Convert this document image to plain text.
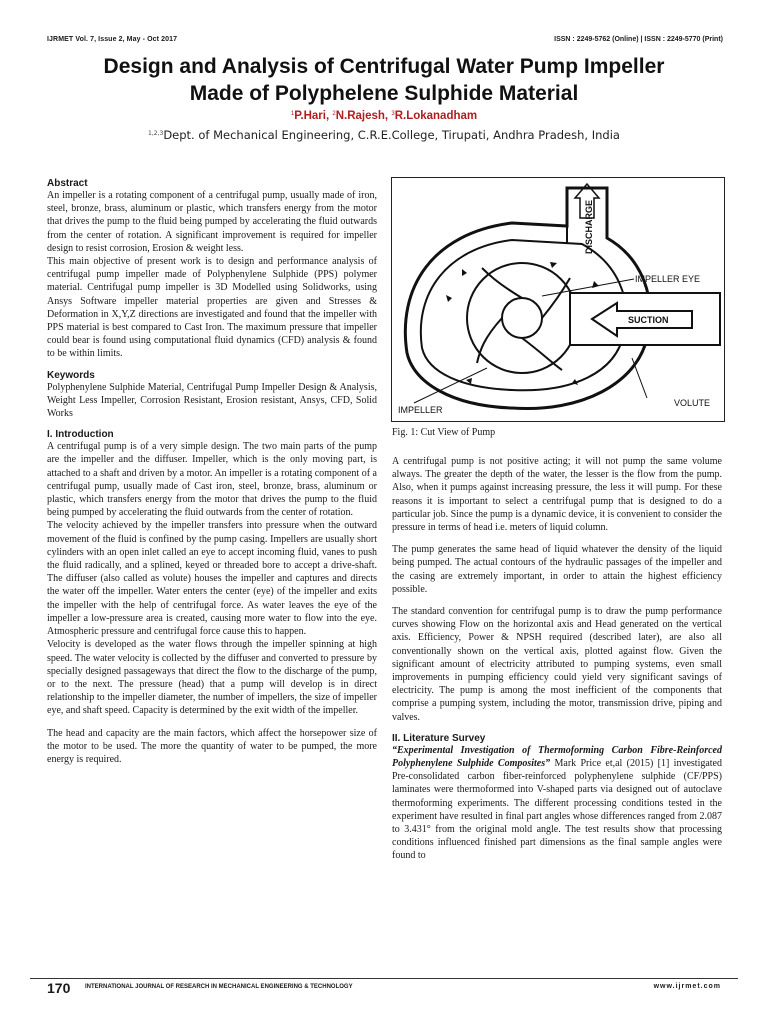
IJRMET Vol. 7, Issue 2, May - Oct 2017	ISSN : 2249-5762 (Online) | ISSN : 2249-5770 (Print)
Design and Analysis of Centrifugal Water Pump Impeller
Made of Polyphelene Sulphide Material
$^1$P.Hari, $^2$N.Rajesh, $^3$R.Lokanadham
$^{1,2,3}$Dept. of Mechanical Engineering, C.R.E.College, Tirupati, Andhra Pradesh, India
Abstract

An impeller is a rotating component of a centrifugal pump, usually made of iron, steel, bronze, brass, aluminum or plastic, which transfers energy from the motor that drives the pump to the fluid being pumped by accelerating the fluid outwards from the center of rotation. A significant improvement is required for impeller design to resist corrosion, Erosion & weight less.

This main objective of present work is to design and performance analysis of centrifugal pump impeller made of Polyphenylene Sulphide (PPS) polymer material. Centrifugal pump impeller is 3D Modelled using Solidworks, using Ansys Software impeller material properties are given and Stresses & Deformation in X,Y,Z directions are investigated and found that the impeller with PPS material is best compared to Cast Iron. The maximum pressure that impeller could bear is found using computational fluid dynamics (CFD) analysis & found to be within limits.

Keywords

Polyphenylene Sulphide Material, Centrifugal Pump Impeller Design & Analysis, Weight Less Impeller, Corrosion Resistant, Erosion resistant, Ansys, CFD, Solid Works

I. Introduction

A centrifugal pump is of a very simple design. The two main parts of the pump are the impeller and the diffuser. Impeller, which is the only moving part, is attached to a shaft and driven by a motor. An impeller is a rotating component of a centrifugal pump, usually made of Cast iron, steel, bronze, brass, aluminum or plastic, which transfers energy from the motor that drives the pump to the fluid being pumped by accelerating the fluid outwards from the center of rotation.

The velocity achieved by the impeller transfers into pressure when the outward movement of the fluid is confined by the pump casing. Impellers are usually short cylinders with an open inlet called an eye to accept incoming fluid, vanes to push the fluid radically, and a splined, keyed or threaded bore to accept a drive-shaft. The diffuser (also called as volute) houses the impeller and captures and directs the water off the impeller. Water enters the center (eye) of the impeller and exits the impeller with the help of centrifugal force. As water leaves the eye of the impeller a low-pressure area is created, causing more water to flow into the eye. Atmospheric pressure and centrifugal force cause this to happen.

Velocity is developed as the water flows through the impeller spinning at high speed. The water velocity is collected by the diffuser and converted to pressure by specially designed passageways that direct the flow to the discharge of the pump, or to the next. The pressure (head) that a pump will develop is in direct relationship to the impeller diameter, the number of impellers, the size of impeller eye, and shaft speed. Capacity is determined by the exit width of the impeller.

The head and capacity are the main factors, which affect the horsepower size of the motor to be used. The more the quantity of water to be pumped, the more energy is required.

DISCHARGE
IMPELLER EYE
SUCTION
IMPELLER
VOLUTE
Fig. 1: Cut View of Pump

A centrifugal pump is not positive acting; it will not pump the same volume always. The greater the depth of the water, the lesser is the flow from the pump. Also, when it pumps against increasing pressure, the less it will pump. For these reasons it is important to select a centrifugal pump that is designed to do a particular job. Since the pump is a dynamic device, it is convenient to consider the pressure in terms of head i.e. meters of liquid column.

The pump generates the same head of liquid whatever the density of the liquid being pumped. The actual contours of the hydraulic passages of the impeller and the casing are extremely important, in order to attain the highest efficiency possible.

The standard convention for centrifugal pump is to draw the pump performance curves showing Flow on the horizontal axis and Head generated on the vertical axis. Efficiency, Power & NPSH required (described later), are also all conventionally shown on the vertical axis, plotted against flow. Given the significant amount of electricity attributed to pumping systems, even small improvements in pumping efficiency could yield very significant savings of electricity. The pump is among the most inefficient of the components that comprise a pumping system, including the motor, transmission drive, piping and valves.

II. Literature Survey

“Experimental Investigation of Thermoforming Carbon Fibre-Reinforced Polyphenylene Sulphide Composites” Mark Price et,al (2015) [1] investigated Pre-consolidated carbon fiber-reinforced polyphenylene sulphide (CF/PPS) laminates were thermoformed into V-shaped parts via designed out of autoclave thermoforming experiments. The different processing conditions tested in the experiment have resulted in final part angles whose differences ranged from 2.087 to 3.431° from the original mold angle. The test results show that processing conditions influenced finished part dimensions as the final sample angles were found to

170 INTERNATIONAL JOURNAL OF RESEARCH IN MECHANICAL ENGINEERING & TECHNOLOGY	www.ijrmet.com
